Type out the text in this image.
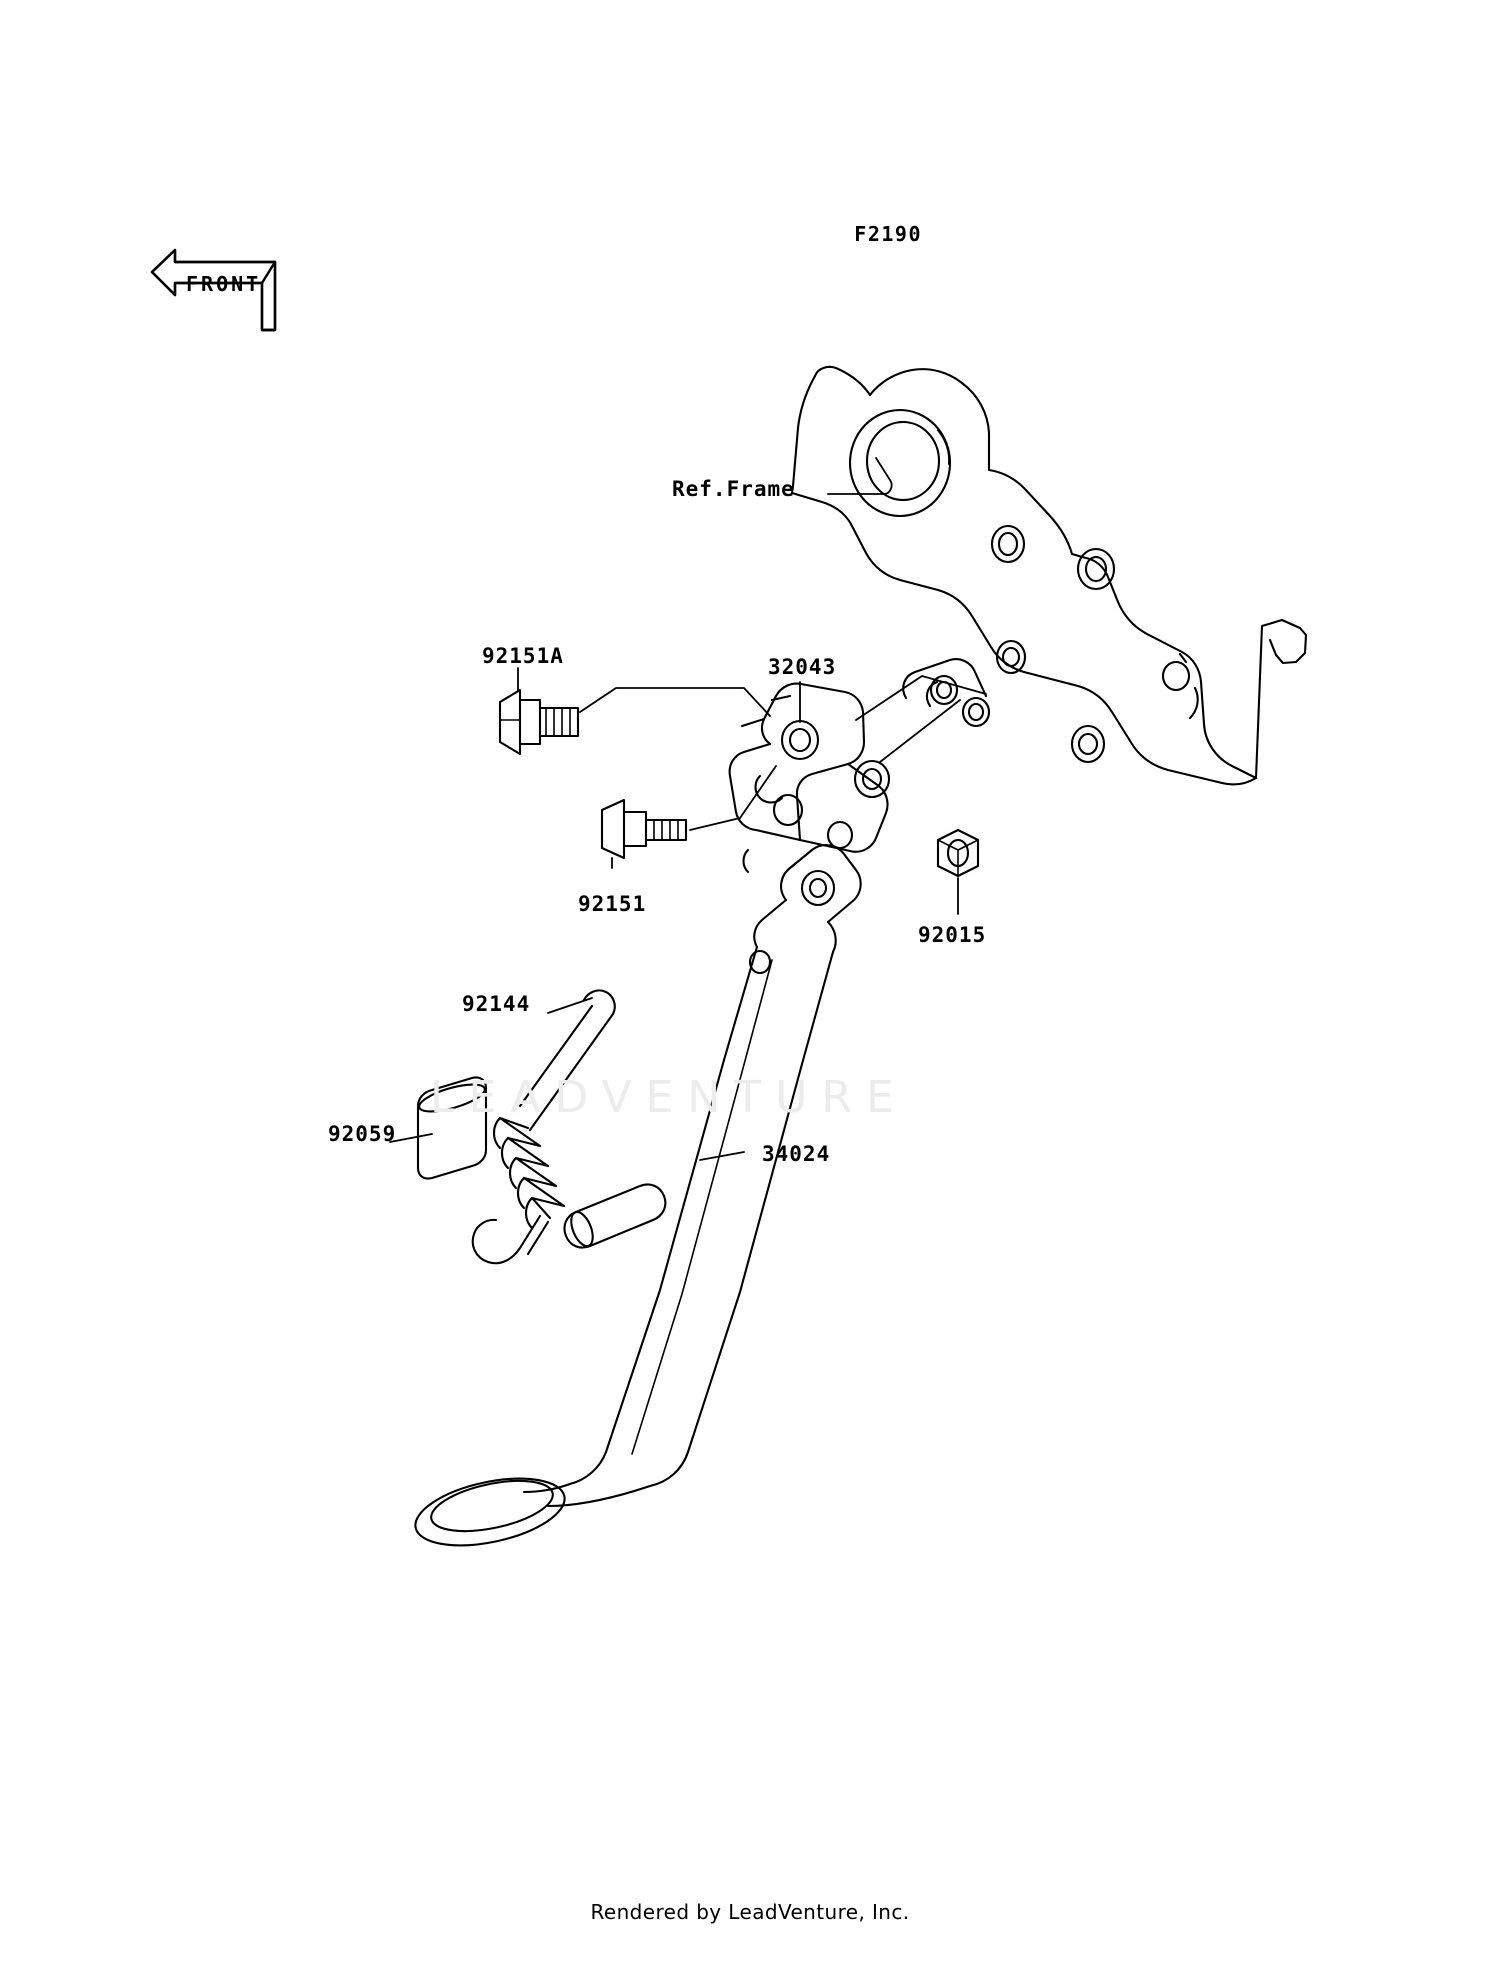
F2190
LEADVENTURE
Ref.Frame
92151A	32043
92151
92015
92144
92059
34024
FRONT
Rendered by LeadVenture, Inc.
